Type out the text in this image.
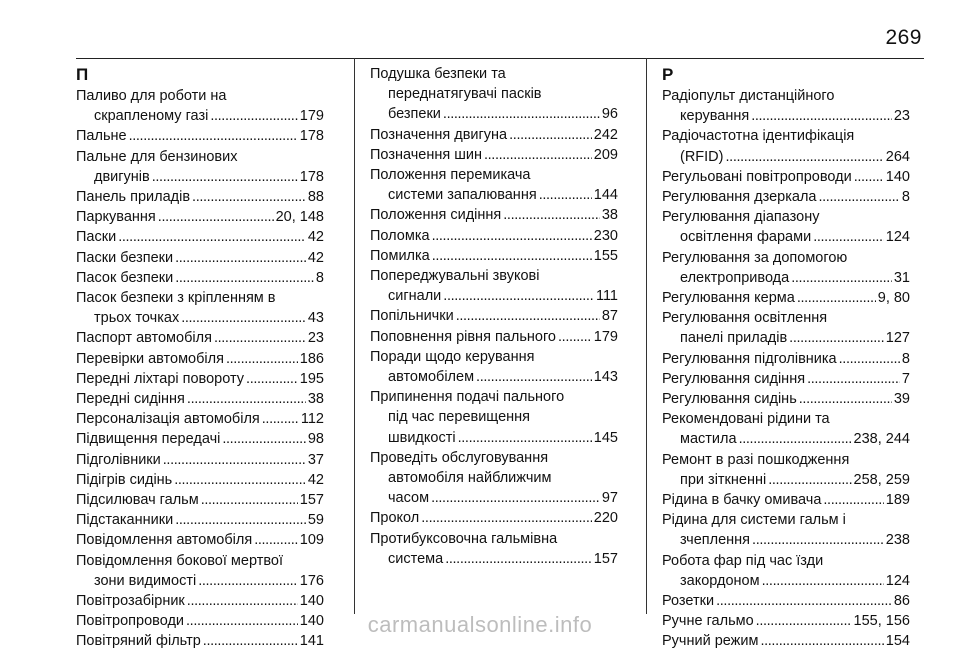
269
П
Паливо для роботи на
скрапленому газі . . .	179
Пальне . . .	178
Пальне для бензинових
двигунів . . .	178
Панель приладів . . .	88
Паркування . . .	20, 148
Паски . . .	42
Паски безпеки . . .	42
Пасок безпеки . . .	8
Пасок безпеки з кріпленням в
трьох точках . . .	43
Паспорт автомобіля . . .	23
Перевірки автомобіля . . .	186
Передні ліхтарі повороту . . .	195
Передні сидіння . . .	38
Персоналізація автомобіля . . .	112
Підвищення передачі . . .	98
Підголівники . . .	37
Підігрів сидінь . . .	42
Підсилювач гальм . . .	157
Підстаканники . . .	59
Повідомлення автомобіля . . .	109
Повідомлення бокової мертвої
зони видимості . . .	176
Повітрозабірник . . .	140
Повітропроводи . . .	140
Повітряний фільтр . . .	141
Подушка безпеки та
переднатягувачі пасків
безпеки . . .	96
Позначення двигуна . . .	242
Позначення шин . . .	209
Положення перемикача
системи запалювання . . .	144
Положення сидіння . . .	38
Поломка . . .	230
Помилка . . .	155
Попереджувальні звукові
сигнали . . .	111
Попільнички . . .	87
Поповнення рівня пального . . .	179
Поради щодо керування
автомобілем . . .	143
Припинення подачі пального
під час перевищення
швидкості . . .	145
Проведіть обслуговування
автомобіля найближчим
часом . . .	97
Прокол . . .	220
Протибуксовочна гальмівна
система . . .	157
Р
Радіопульт дистанційного
керування . . .	23
Радіочастотна ідентифікація
(RFID) . . .	264
Регульовані повітропроводи . . . 140
Регулювання дзеркала . . .	8
Регулювання діапазону
освітлення фарами . . .	124
Регулювання за допомогою
електропривода . . .	31
Регулювання керма . . .	9, 80
Регулювання освітлення
панелі приладів . . .	127
Регулювання підголівника . . .	8
Регулювання сидіння . . .	7
Регулювання сидінь . . .	39
Рекомендовані рідини та
мастила . . .	238, 244
Ремонт в разі пошкодження
при зіткненні . . .	258, 259
Рідина в бачку омивача . . .	189
Рідина для системи гальм і
зчеплення . . .	238
Робота фар під час їзди
закордоном . . .	124
Розетки . . .	86
Ручне гальмо . . .	155, 156
Ручний режим . . .	154
carmanualsonline.info
